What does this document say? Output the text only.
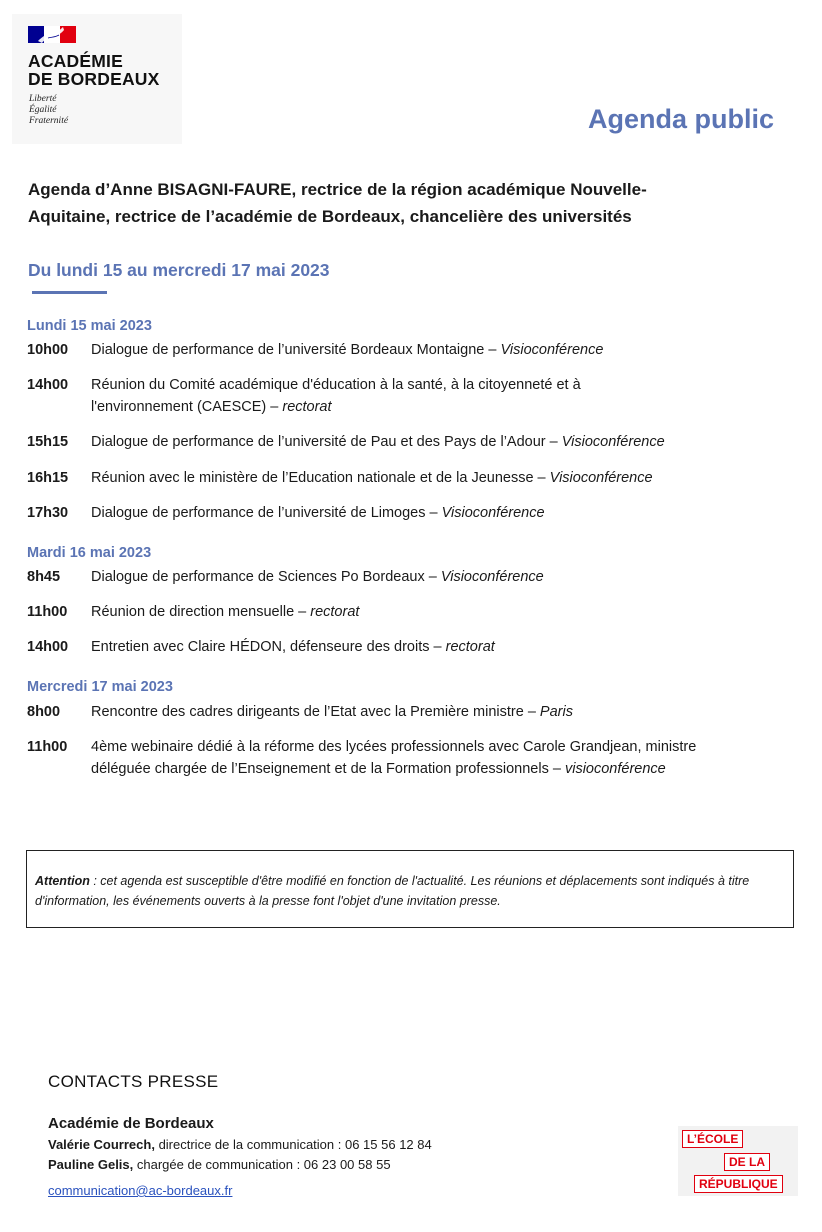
ACADÉMIE
DE BORDEAUX
Liberté
Égalité
Fraternité	Agenda public
Agenda d’Anne BISAGNI-FAURE, rectrice de la région académique Nouvelle-
Aquitaine, rectrice de l’académie de Bordeaux, chancelière des universités
Du lundi 15 au mercredi 17 mai 2023
Lundi 15 mai 2023
10h00	Dialogue de performance de l’université Bordeaux Montaigne – Visioconférence
14h00	Réunion du Comité académique d'éducation à la santé, à la citoyenneté et à l'environnement (CAESCE) – rectorat
15h15	Dialogue de performance de l’université de Pau et des Pays de l’Adour – Visioconférence
16h15	Réunion avec le ministère de l’Education nationale et de la Jeunesse – Visioconférence
17h30	Dialogue de performance de l’université de Limoges – Visioconférence
Mardi 16 mai 2023
8h45	Dialogue de performance de Sciences Po Bordeaux – Visioconférence
11h00	Réunion de direction mensuelle – rectorat
14h00	Entretien avec Claire HÉDON, défenseure des droits – rectorat
Mercredi 17 mai 2023
8h00	Rencontre des cadres dirigeants de l’Etat avec la Première ministre – Paris
11h00	4ème webinaire dédié à la réforme des lycées professionnels avec Carole Grandjean, ministre déléguée chargée de l’Enseignement et de la Formation professionnels – visioconférence
Attention : cet agenda est susceptible d'être modifié en fonction de l'actualité. Les réunions et déplacements sont indiqués à titre d'information, les événements ouverts à la presse font l'objet d'une invitation presse.
CONTACTS PRESSE
Académie de Bordeaux
Valérie Courrech, directrice de la communication : 06 15 56 12 84
Pauline Gelis, chargée de communication : 06 23 00 58 55
communication@ac-bordeaux.fr
L’ÉCOLE
DE LA
RÉPUBLIQUE
